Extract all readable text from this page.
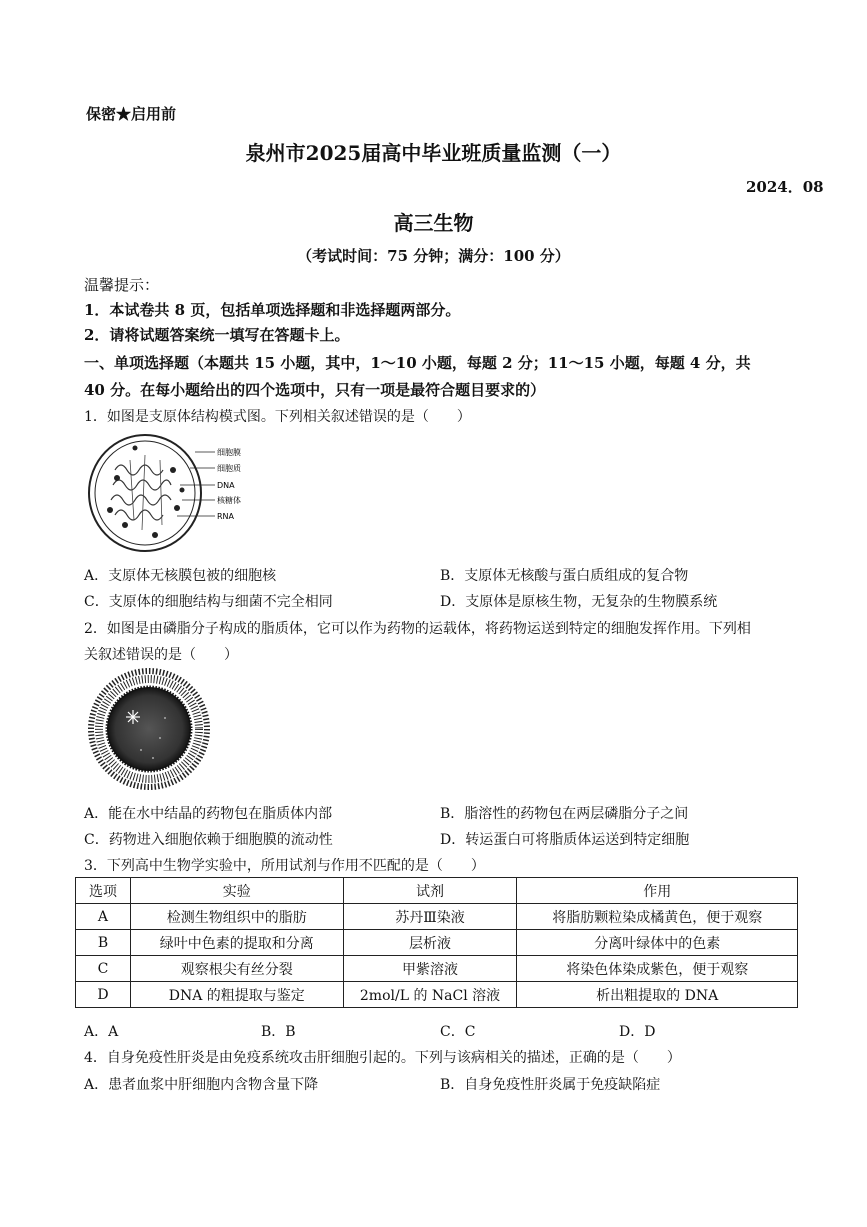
保密★启用前
泉州市2025届高中毕业班质量监测（一）
2024．08
高三生物
（考试时间：75 分钟；满分：100 分）
温馨提示：
1．本试卷共 8 页，包括单项选择题和非选择题两部分。
2．请将试题答案统一填写在答题卡上。
一、单项选择题（本题共 15 小题，其中，1～10 小题，每题 2 分；11～15 小题，每题 4 分，共
40 分。在每小题给出的四个选项中，只有一项是最符合题目要求的）
1．如图是支原体结构模式图。下列相关叙述错误的是（　　）
细胞膜
细胞质
DNA
核糖体
RNA
A．支原体无核膜包被的细胞核	B．支原体无核酸与蛋白质组成的复合物
C．支原体的细胞结构与细菌不完全相同	D．支原体是原核生物，无复杂的生物膜系统
2．如图是由磷脂分子构成的脂质体，它可以作为药物的运载体，将药物运送到特定的细胞发挥作用。下列相
关叙述错误的是（　　）
A．能在水中结晶的药物包在脂质体内部	B．脂溶性的药物包在两层磷脂分子之间
C．药物进入细胞依赖于细胞膜的流动性	D．转运蛋白可将脂质体运送到特定细胞
3．下列高中生物学实验中，所用试剂与作用不匹配的是（　　）
选项	实验	试剂	作用
A	检测生物组织中的脂肪	苏丹Ⅲ染液	将脂肪颗粒染成橘黄色，便于观察
B	绿叶中色素的提取和分离	层析液	分离叶绿体中的色素
C	观察根尖有丝分裂	甲紫溶液	将染色体染成紫色，便于观察
D	DNA 的粗提取与鉴定	2mol/L 的 NaCl 溶液	析出粗提取的 DNA
A．A	B．B	C．C	D．D
4．自身免疫性肝炎是由免疫系统攻击肝细胞引起的。下列与该病相关的描述，正确的是（　　）
A．患者血浆中肝细胞内含物含量下降	B．自身免疫性肝炎属于免疫缺陷症
